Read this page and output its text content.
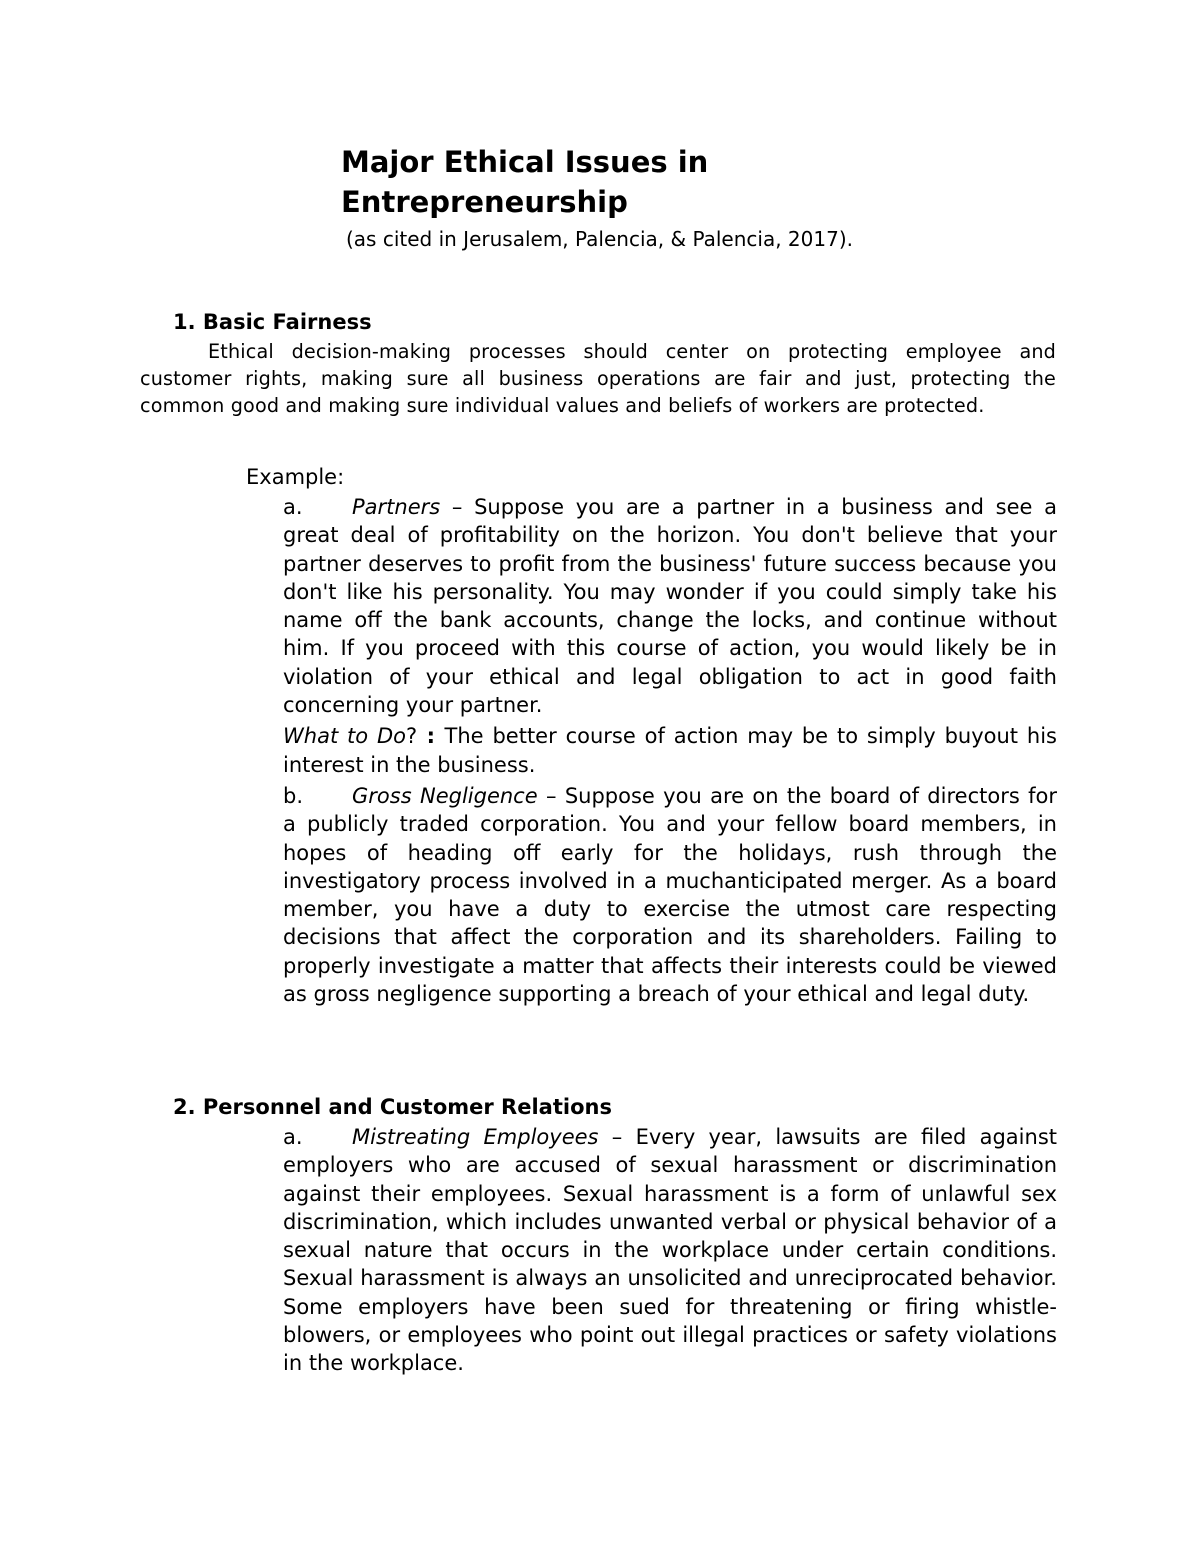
Major Ethical Issues in
Entrepreneurship
(as cited in Jerusalem, Palencia, & Palencia, 2017).
1. Basic Fairness
Ethical decision-making processes should center on protecting employee and customer rights, making sure all business operations are fair and just, protecting the common good and making sure individual values and beliefs of workers are protected.
Example:

a. Partners – Suppose you are a partner in a business and see a great deal of profitability on the horizon. You don't believe that your partner deserves to profit from the business' future success because you don't like his personality. You may wonder if you could simply take his name off the bank accounts, change the locks, and continue without him. If you proceed with this course of action, you would likely be in violation of your ethical and legal obligation to act in good faith concerning your partner.

What to Do? : The better course of action may be to simply buyout his interest in the business.

b. Gross Negligence – Suppose you are on the board of directors for a publicly traded corporation. You and your fellow board members, in hopes of heading off early for the holidays, rush through the investigatory process involved in a muchanticipated merger. As a board member, you have a duty to exercise the utmost care respecting decisions that affect the corporation and its shareholders. Failing to properly investigate a matter that affects their interests could be viewed as gross negligence supporting a breach of your ethical and legal duty.

2. Personnel and Customer Relations

a. Mistreating Employees – Every year, lawsuits are filed against employers who are accused of sexual harassment or discrimination against their employees. Sexual harassment is a form of unlawful sex discrimination, which includes unwanted verbal or physical behavior of a sexual nature that occurs in the workplace under certain conditions. Sexual harassment is always an unsolicited and unreciprocated behavior. Some employers have been sued for threatening or firing whistle-blowers, or employees who point out illegal practices or safety violations in the workplace.
